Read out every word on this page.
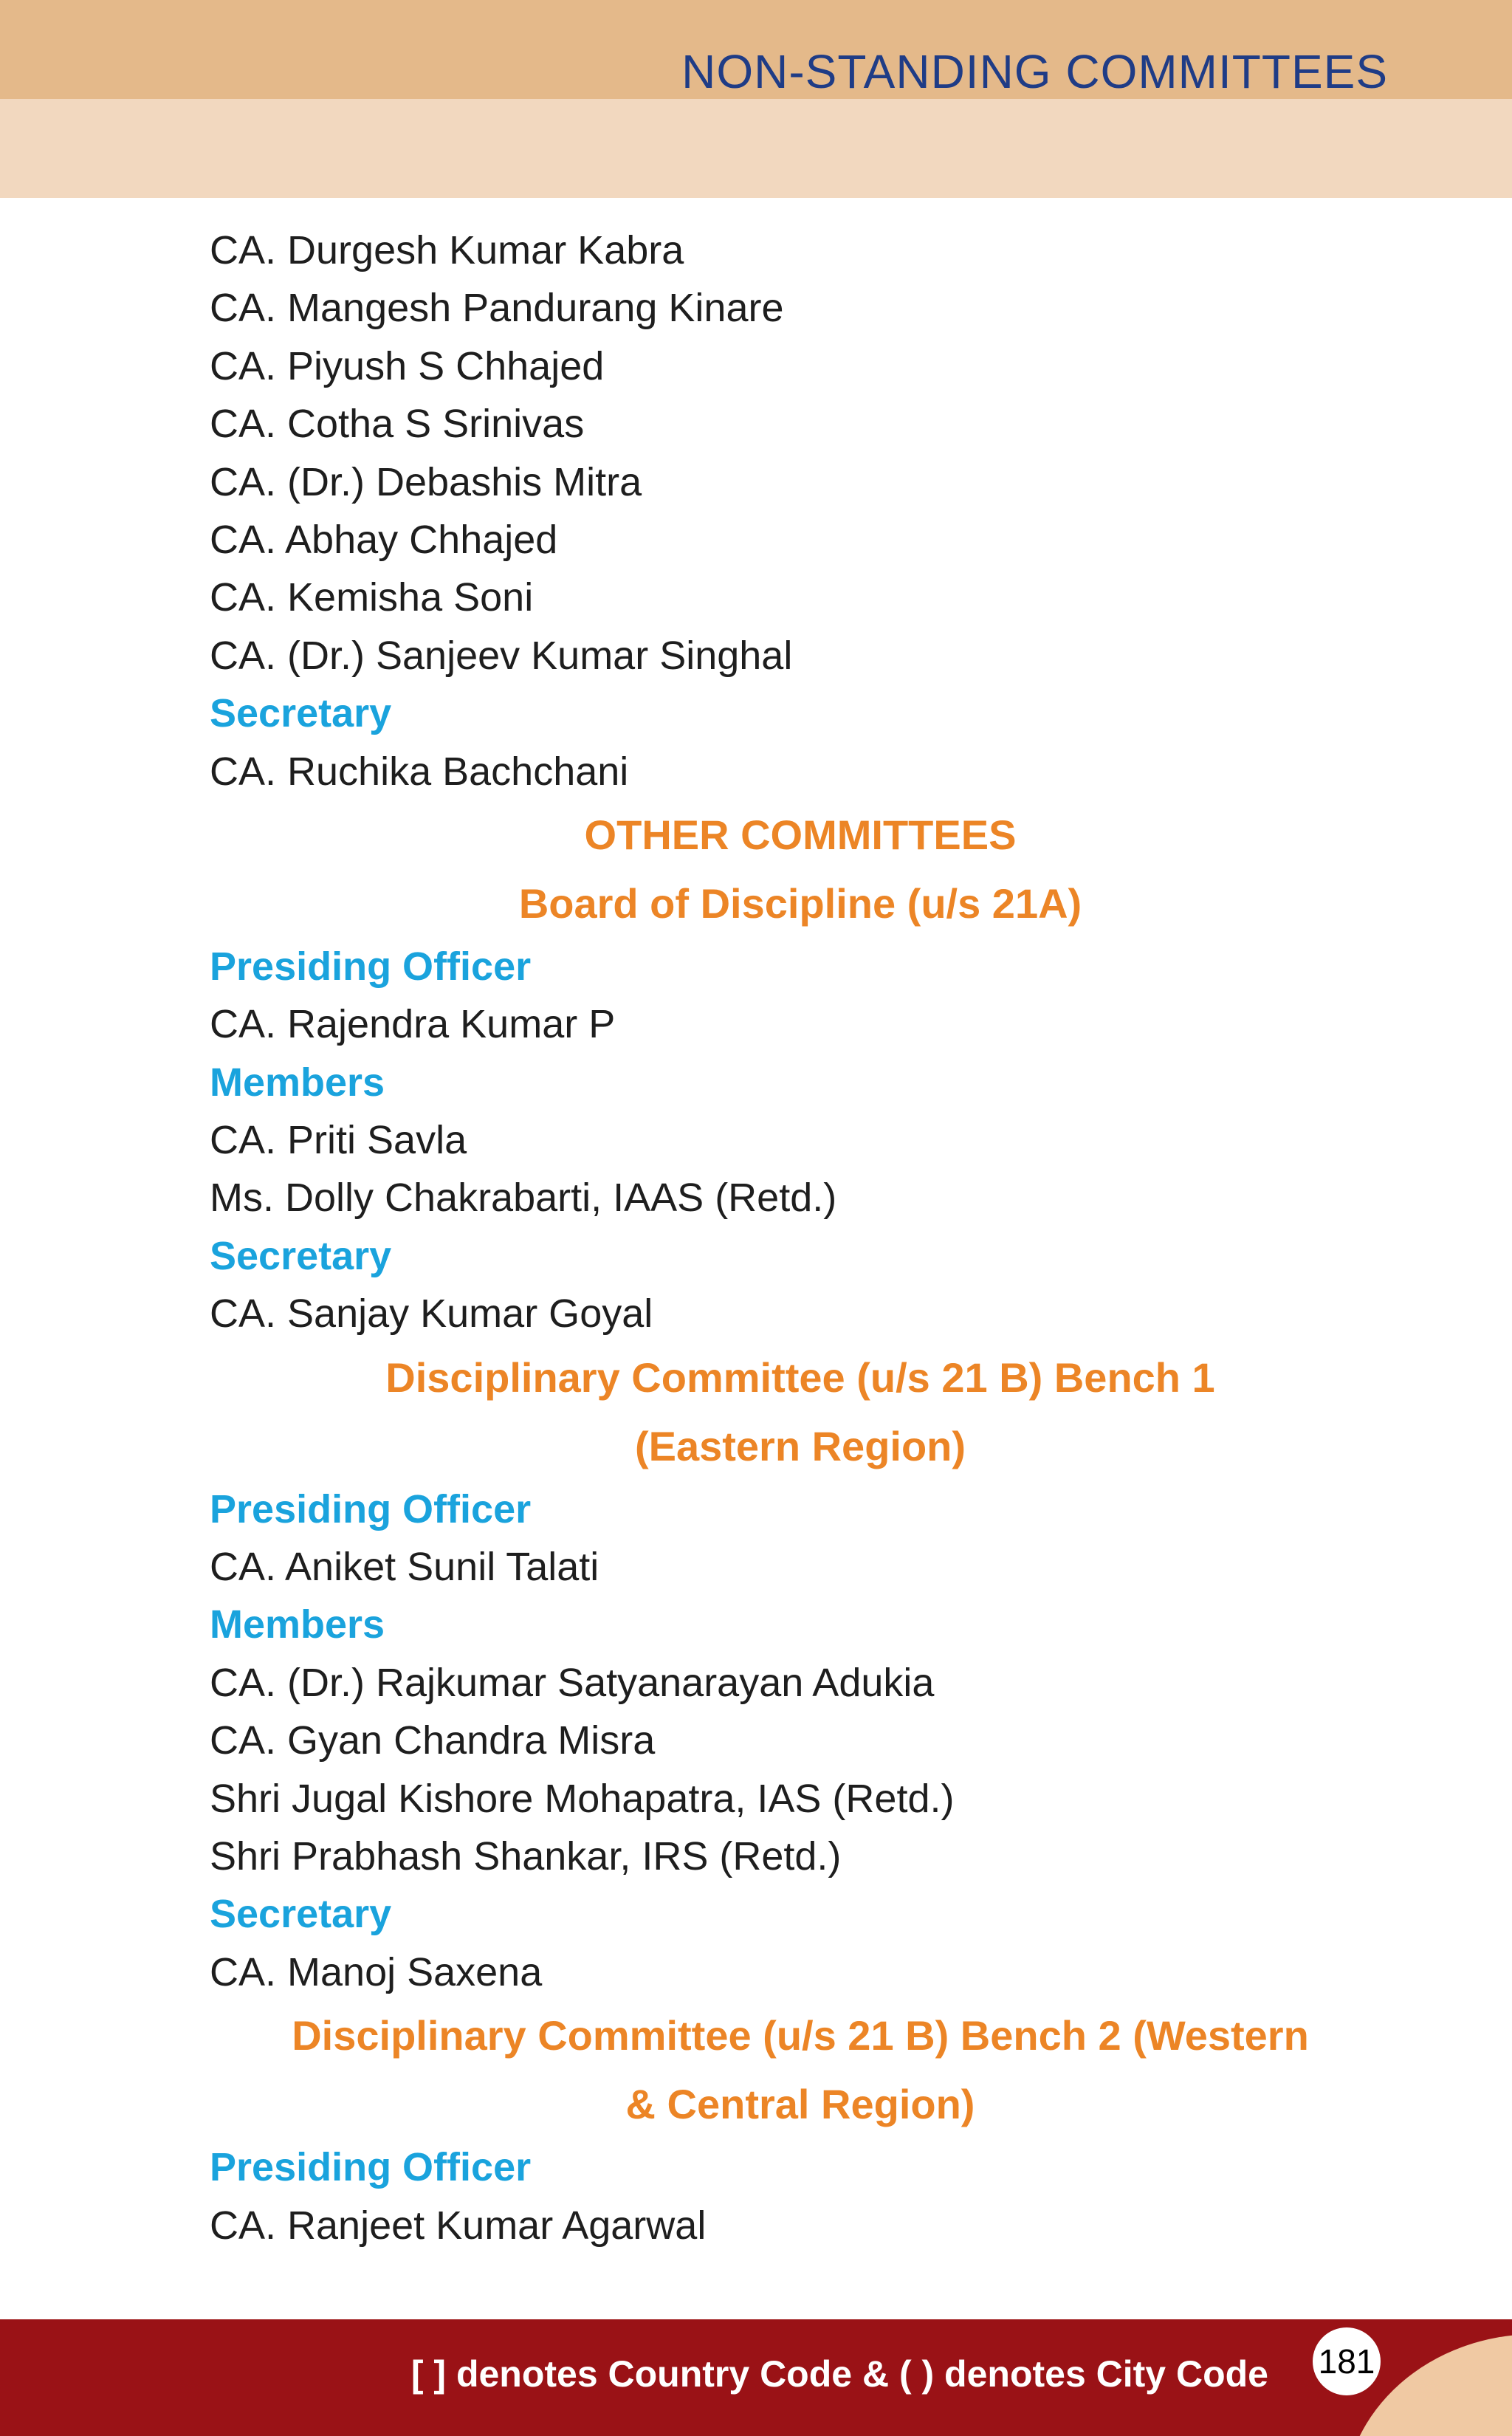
NON-STANDING COMMITTEES
CA. Durgesh Kumar Kabra
CA. Mangesh Pandurang Kinare
CA. Piyush S Chhajed
CA. Cotha S Srinivas
CA. (Dr.) Debashis Mitra
CA. Abhay Chhajed
CA. Kemisha Soni
CA. (Dr.) Sanjeev Kumar Singhal
Secretary
CA. Ruchika Bachchani
OTHER COMMITTEES
Board of Discipline (u/s 21A)
Presiding Officer
CA. Rajendra Kumar P
Members
CA. Priti Savla
Ms. Dolly Chakrabarti, IAAS (Retd.)
Secretary
CA. Sanjay Kumar Goyal
Disciplinary Committee (u/s 21 B) Bench 1
(Eastern Region)
Presiding Officer
CA. Aniket Sunil Talati
Members
CA. (Dr.) Rajkumar Satyanarayan Adukia
CA. Gyan Chandra Misra
Shri Jugal Kishore Mohapatra, IAS (Retd.)
Shri Prabhash Shankar, IRS (Retd.)
Secretary
CA. Manoj Saxena
Disciplinary Committee (u/s 21 B) Bench 2 (Western
& Central Region)
Presiding Officer
CA. Ranjeet Kumar Agarwal
[ ] denotes Country Code & ( ) denotes City Code 181
